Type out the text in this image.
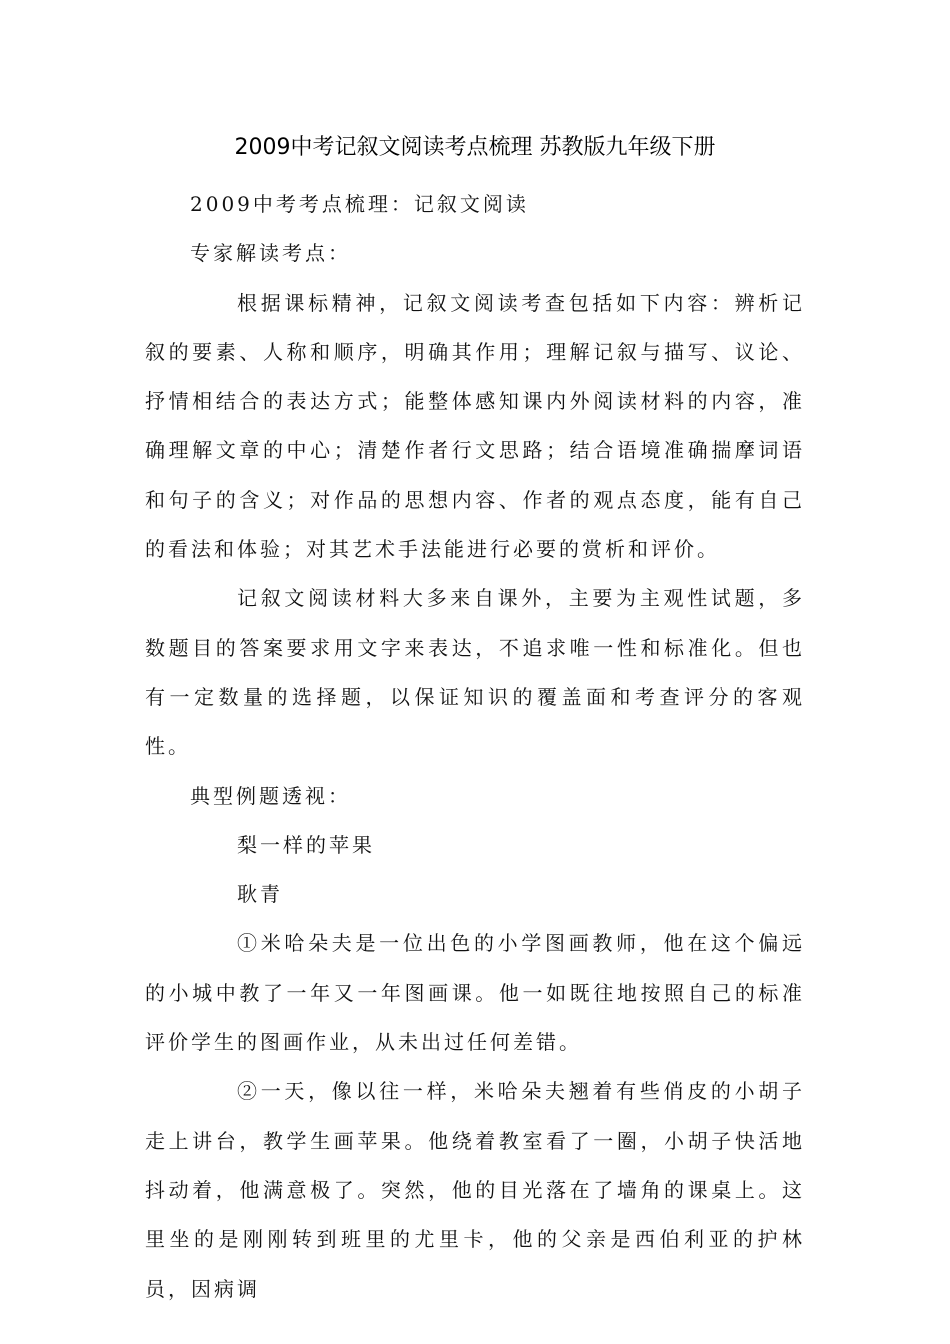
2009中考记叙文阅读考点梳理 苏教版九年级下册

2009中考考点梳理：记叙文阅读

专家解读考点：

根据课标精神，记叙文阅读考查包括如下内容：辨析记叙的要素、人称和顺序，明确其作用；理解记叙与描写、议论、抒情相结合的表达方式；能整体感知课内外阅读材料的内容，准确理解文章的中心；清楚作者行文思路；结合语境准确揣摩词语和句子的含义；对作品的思想内容、作者的观点态度，能有自己的看法和体验；对其艺术手法能进行必要的赏析和评价。

记叙文阅读材料大多来自课外，主要为主观性试题，多数题目的答案要求用文字来表达，不追求唯一性和标准化。但也有一定数量的选择题，以保证知识的覆盖面和考查评分的客观性。

典型例题透视：

梨一样的苹果

耿青

①米哈朵夫是一位出色的小学图画教师，他在这个偏远的小城中教了一年又一年图画课。他一如既往地按照自己的标准评价学生的图画作业，从未出过任何差错。

②一天，像以往一样，米哈朵夫翘着有些俏皮的小胡子走上讲台，教学生画苹果。他绕着教室看了一圈，小胡子快活地抖动着，他满意极了。突然，他的目光落在了墙角的课桌上。这里坐的是刚刚转到班里的尤里卡，他的父亲是西伯利亚的护林员，因病调
